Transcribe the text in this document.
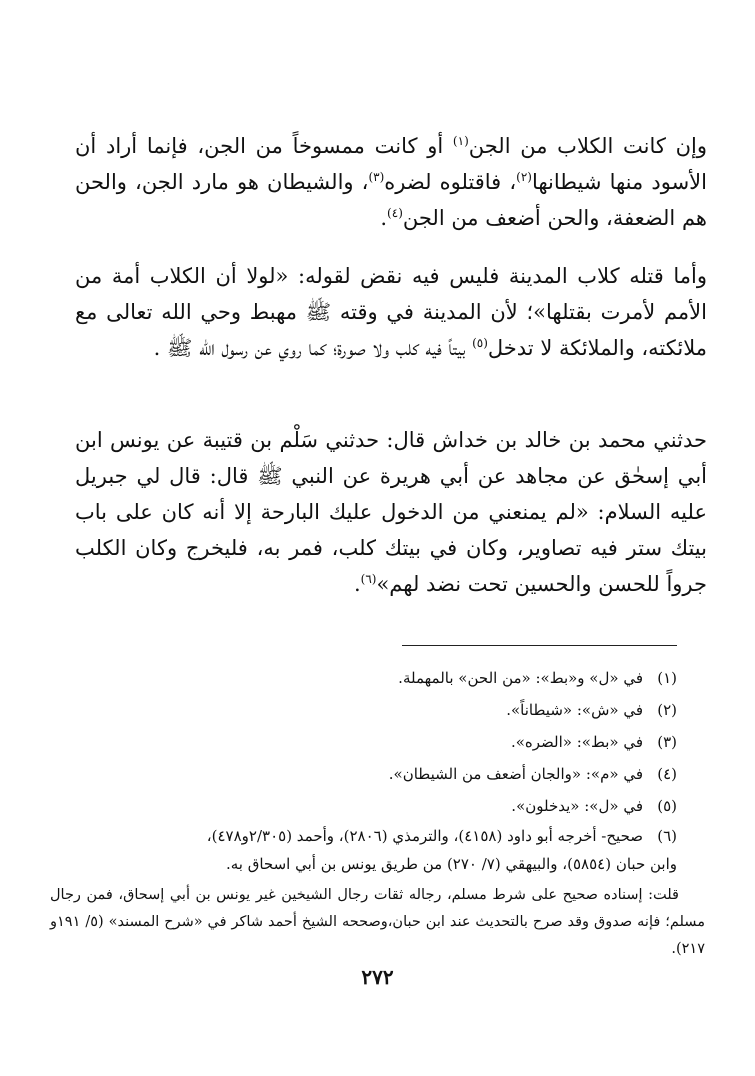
وإن كانت الكلاب من الجن$^{(١)}$ أو كانت ممسوخاً من الجن، فإنما أراد أن الأسود منها شيطانها$^{(٢)}$، فاقتلوه لضره$^{(٣)}$، والشيطان هو مارد الجن، والحن هم الضعفة، والحن أضعف من الجن$^{(٤)}$.

وأما قتله كلاب المدينة فليس فيه نقض لقوله: «لولا أن الكلاب أمة من الأمم لأمرت بقتلها»؛ لأن المدينة في وقته ﷺ مهبط وحي الله تعالى مع ملائكته، والملائكة لا تدخل$^{(٥)}$ بيتاً فيه كلب ولا صورة؛ كما روي عن رسول الله ﷺ .

حدثني محمد بن خالد بن خداش قال: حدثني سَلْم بن قتيبة عن يونس ابن أبي إسحٰق عن مجاهد عن أبي هريرة عن النبي ﷺ قال: قال لي جبريل عليه السلام: «لم يمنعني من الدخول عليك البارحة إلا أنه كان على باب بيتك ستر فيه تصاوير، وكان في بيتك كلب، فمر به، فليخرج وكان الكلب جرواً للحسن والحسين تحت نضد لهم»$^{(٦)}$.

(١)
في «ل» و«بط»: «من الحن» بالمهملة.

(٢)
في «ش»: «شيطاناً».

(٣)
في «بط»: «الضره».

(٤)
في «م»: «والجان أضعف من الشيطان».

(٥)
في «ل»: «يدخلون».

(٦)
صحيح- أخرجه أبو داود (٤١٥٨)، والترمذي (٢٨٠٦)، وأحمد (٢/٣٠٥و٤٧٨)،

وابن حبان (٥٨٥٤)، والبيهقي (٧/ ٢٧٠) من طريق يونس بن أبي اسحاق به.

قلت: إسناده صحيح على شرط مسلم، رجاله ثقات رجال الشيخين غير يونس بن أبي إسحاق، فمن رجال مسلم؛ فإنه صدوق وقد صرح بالتحديث عند ابن حبان،وصححه الشيخ أحمد شاكر في «شرح المسند» (٥/ ١٩١و ٢١٧).

٢٧٢
